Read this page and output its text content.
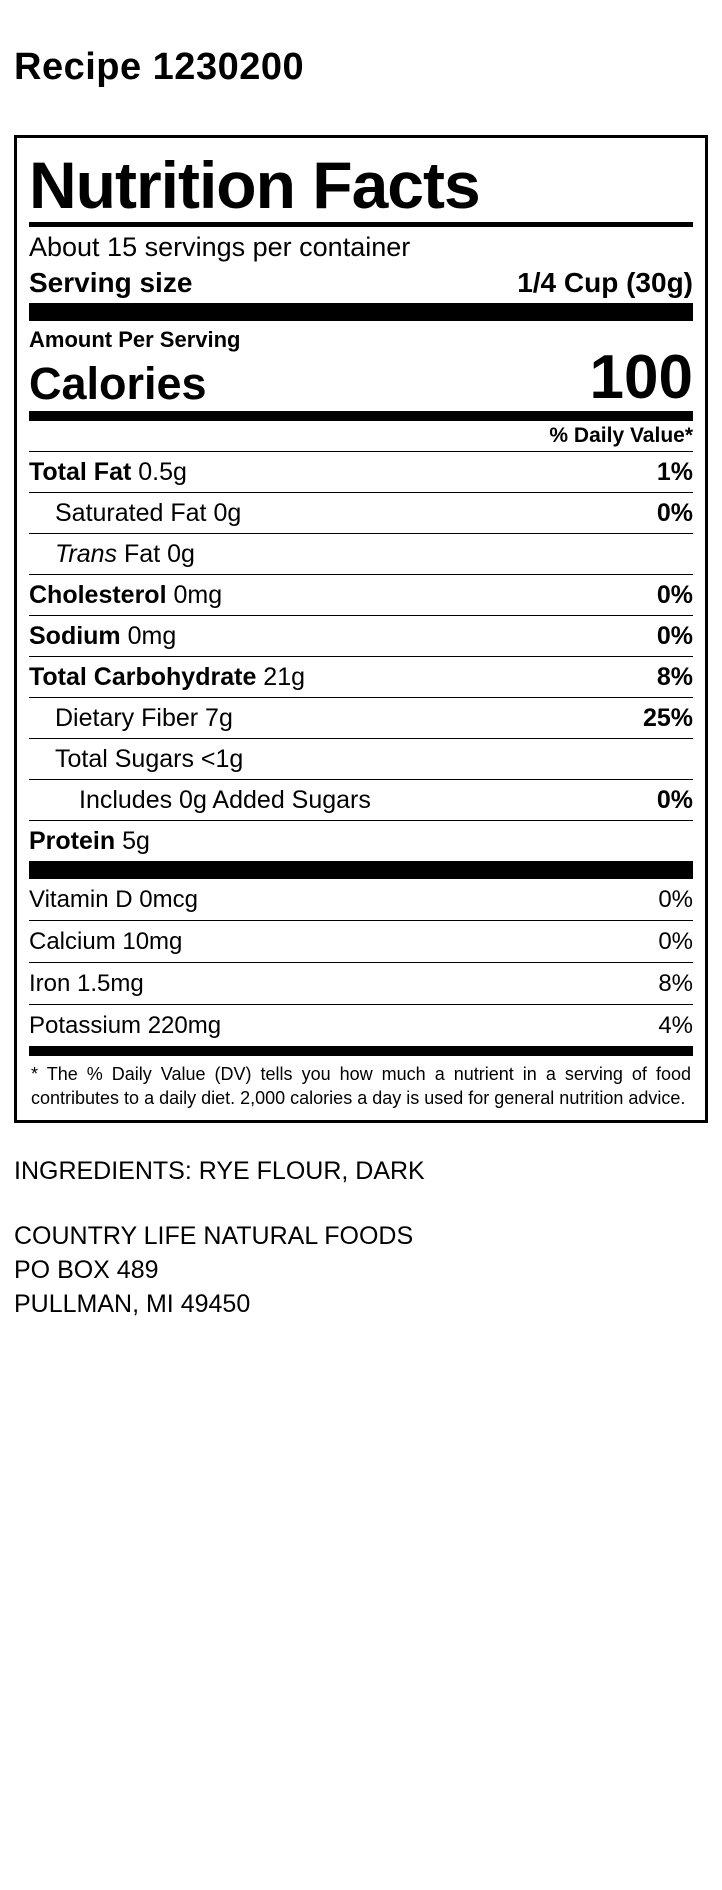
Recipe 1230200
Nutrition Facts
About 15 servings per container
Serving size	1/4 Cup (30g)
Amount Per Serving
Calories	100
% Daily Value*
Total Fat 0.5g	1%
Saturated Fat 0g	0%
Trans Fat 0g
Cholesterol 0mg	0%
Sodium 0mg	0%
Total Carbohydrate 21g	8%
Dietary Fiber 7g	25%
Total Sugars <1g
Includes 0g Added Sugars	0%
Protein 5g
Vitamin D 0mcg	0%
Calcium 10mg	0%
Iron 1.5mg	8%
Potassium 220mg	4%
* The % Daily Value (DV) tells you how much a nutrient in a serving of food contributes to a daily diet. 2,000 calories a day is used for general nutrition advice.
INGREDIENTS: RYE FLOUR, DARK
COUNTRY LIFE NATURAL FOODS
PO BOX 489
PULLMAN, MI 49450
